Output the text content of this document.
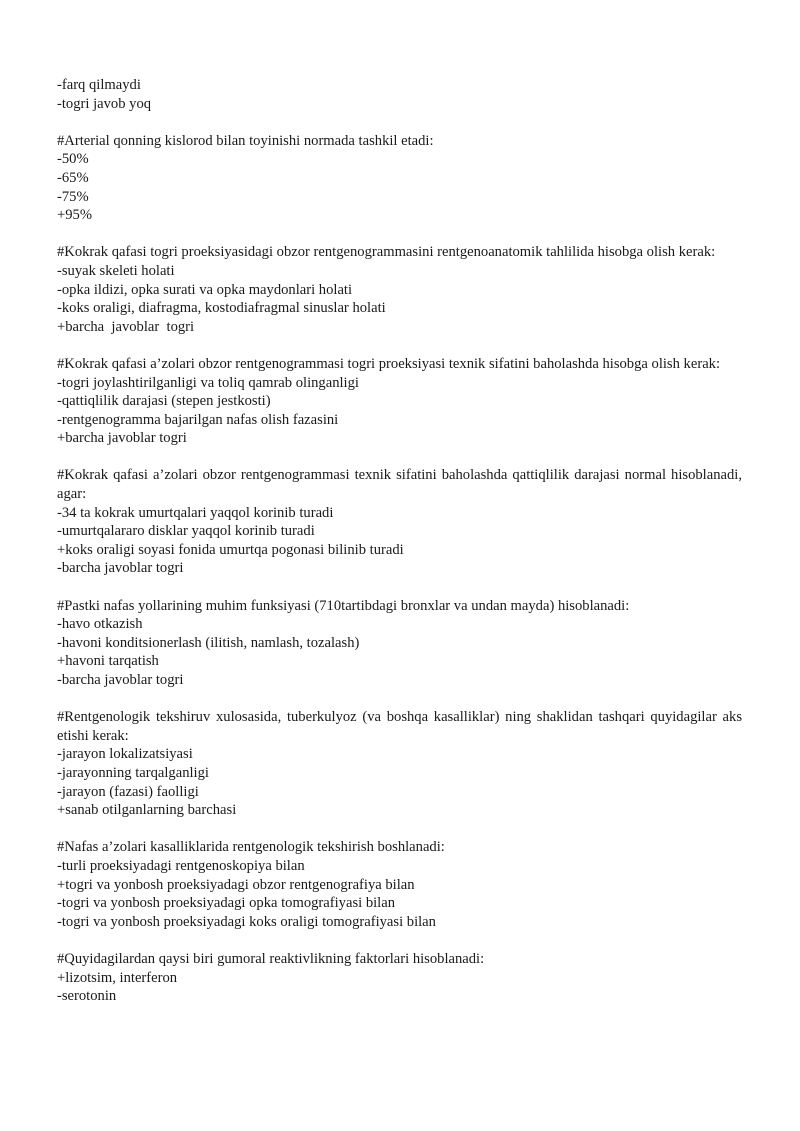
-farq qilmaydi
-togri javob yoq
#Arterial qonning kislorod bilan toyinishi normada tashkil etadi:
-50%
-65%
-75%
+95%
#Kokrak qafasi togri proeksiyasidagi obzor rentgenogrammasini rentgenoanatomik tahlilida hisobga olish kerak:
-suyak skeleti holati
-opka ildizi, opka surati va opka maydonlari holati
-koks oraligi, diafragma, kostodiafragmal sinuslar holati
+barcha  javoblar  togri
#Kokrak qafasi a’zolari obzor rentgenogrammasi togri proeksiyasi texnik sifatini baholashda hisobga olish kerak:
-togri joylashtirilganligi va toliq qamrab olinganligi
-qattiqlilik darajasi (stepen jestkosti)
-rentgenogramma bajarilgan nafas olish fazasini
+barcha javoblar togri
#Kokrak qafasi a’zolari obzor rentgenogrammasi texnik sifatini baholashda qattiqlilik darajasi normal hisoblanadi, agar:
-34 ta kokrak umurtqalari yaqqol korinib turadi
-umurtqalararo disklar yaqqol korinib turadi
+koks oraligi soyasi fonida umurtqa pogonasi bilinib turadi
-barcha javoblar togri
#Pastki nafas yollarining muhim funksiyasi (710tartibdagi bronxlar va undan mayda) hisoblanadi:
-havo otkazish
-havoni konditsionerlash (ilitish, namlash, tozalash)
+havoni tarqatish
-barcha javoblar togri
#Rentgenologik tekshiruv xulosasida, tuberkulyoz (va boshqa kasalliklar) ning shaklidan tashqari quyidagilar aks etishi kerak:
-jarayon lokalizatsiyasi
-jarayonning tarqalganligi
-jarayon (fazasi) faolligi
+sanab otilganlarning barchasi
#Nafas a’zolari kasalliklarida rentgenologik tekshirish boshlanadi:
-turli proeksiyadagi rentgenoskopiya bilan
+togri va yonbosh proeksiyadagi obzor rentgenografiya bilan
-togri va yonbosh proeksiyadagi opka tomografiyasi bilan
-togri va yonbosh proeksiyadagi koks oraligi tomografiyasi bilan
#Quyidagilardan qaysi biri gumoral reaktivlikning faktorlari hisoblanadi:
+lizotsim, interferon
-serotonin
